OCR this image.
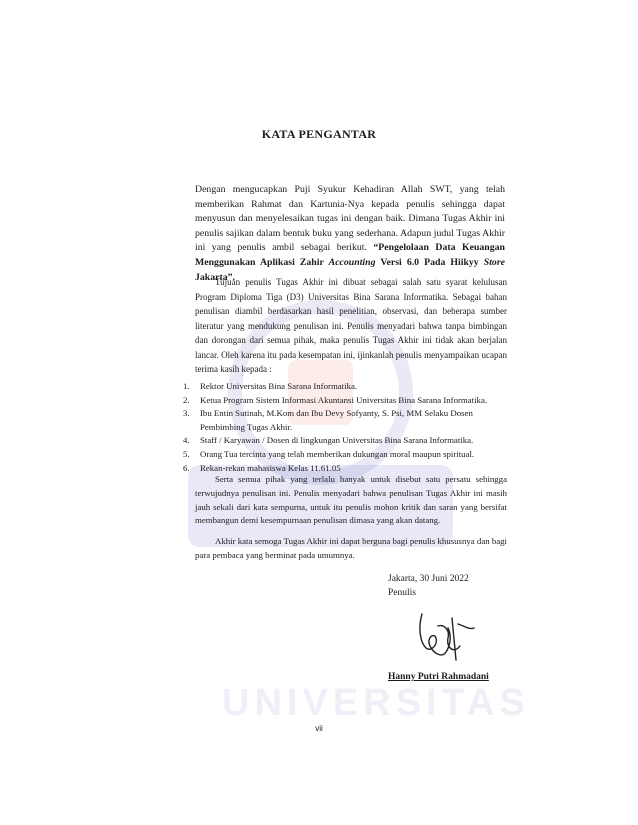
UNIVERSITAS
KATA PENGANTAR

Dengan mengucapkan Puji Syukur Kehadiran Allah SWT, yang telah memberikan Rahmat dan Kartunia-Nya kepada penulis sehingga dapat menyusun dan menyelesaikan tugas ini dengan baik. Dimana Tugas Akhir ini penulis sajikan dalam bentuk buku yang sederhana. Adapun judul Tugas Akhir ini yang penulis ambil sebagai berikut. “Pengelolaan Data Keuangan Menggunakan Aplikasi Zahir Accounting Versi 6.0 Pada Hiikyy Store Jakarta”.

Tujuan penulis Tugas Akhir ini dibuat sebagai salah satu syarat kelulusan Program Diploma Tiga (D3) Universitas Bina Sarana Informatika. Sebagai bahan penulisan diambil berdasarkan hasil penelitian, observasi, dan beberapa sumber literatur yang mendukung penulisan ini. Penulis menyadari bahwa tanpa bimbingan dan dorongan dari semua pihak, maka penulis Tugas Akhir ini tidak akan berjalan lancar. Oleh karena itu pada kesempatan ini, ijinkanlah penulis menyampaikan ucapan terima kasih kepada :

1.	Rektor Universitas Bina Sarana Informatika.
2.	Ketua Program Sistem Informasi Akuntansi Universitas Bina Sarana Informatika.
3.	Ibu Entin Sutinah, M.Kom dan Ibu Devy Sofyanty, S. Psi, MM Selaku Dosen Pembimbing Tugas Akhir.
4.	Staff / Karyawan / Dosen di lingkungan Universitas Bina Sarana Informatika.
5.	Orang Tua tercinta yang telah memberikan dukungan moral maupun spiritual.
6.	Rekan-rekan mahasiswa Kelas 11.61.05

Serta semua pihak yang terlalu banyak untuk disebut satu persatu sehingga terwujudnya penulisan ini. Penulis menyadari bahwa penulisan Tugas Akhir ini masih jauh sekali dari kata sempurna, untuk itu penulis mohon kritik dan saran yang bersifat membangun demi kesempurnaan penulisan dimasa yang akan datang.

Akhir kata semoga Tugas Akhir ini dapat berguna bagi penulis khususnya dan bagi para pembaca yang berminat pada umumnya.

Jakarta, 30 Juni 2022
Penulis
Hanny Putri Rahmadani
vii
